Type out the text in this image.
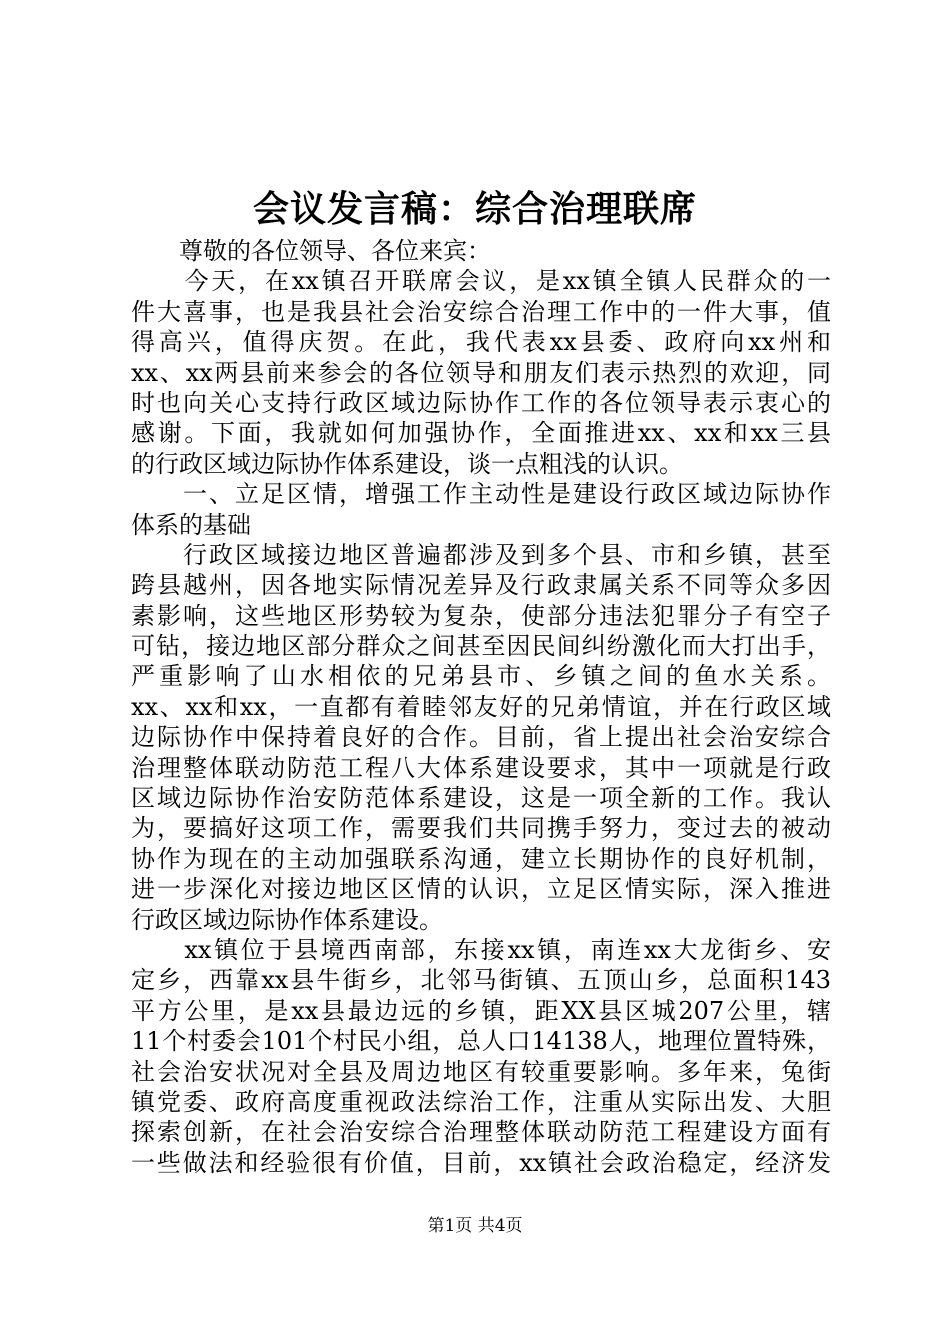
会议发言稿：综合治理联席
　　尊敬的各位领导、各位来宾：
　　今天，在xx镇召开联席会议，是xx镇全镇人民群众的一
件大喜事，也是我县社会治安综合治理工作中的一件大事，值
得高兴，值得庆贺。在此，我代表xx县委、政府向xx州和
xx、xx两县前来参会的各位领导和朋友们表示热烈的欢迎，同
时也向关心支持行政区域边际协作工作的各位领导表示衷心的
感谢。下面，我就如何加强协作，全面推进xx、xx和xx三县
的行政区域边际协作体系建设，谈一点粗浅的认识。
　　一、立足区情，增强工作主动性是建设行政区域边际协作
体系的基础
　　行政区域接边地区普遍都涉及到多个县、市和乡镇，甚至
跨县越州，因各地实际情况差异及行政隶属关系不同等众多因
素影响，这些地区形势较为复杂，使部分违法犯罪分子有空子
可钻，接边地区部分群众之间甚至因民间纠纷激化而大打出手，
严重影响了山水相依的兄弟县市、乡镇之间的鱼水关系。
xx、xx和xx，一直都有着睦邻友好的兄弟情谊，并在行政区域
边际协作中保持着良好的合作。目前，省上提出社会治安综合
治理整体联动防范工程八大体系建设要求，其中一项就是行政
区域边际协作治安防范体系建设，这是一项全新的工作。我认
为，要搞好这项工作，需要我们共同携手努力，变过去的被动
协作为现在的主动加强联系沟通，建立长期协作的良好机制，
进一步深化对接边地区区情的认识，立足区情实际，深入推进
行政区域边际协作体系建设。
　　xx镇位于县境西南部，东接xx镇，南连xx大龙街乡、安
定乡，西靠xx县牛街乡，北邻马街镇、五顶山乡，总面积143
平方公里，是xx县最边远的乡镇，距XX县区城207公里，辖
11个村委会101个村民小组，总人口14138人，地理位置特殊，
社会治安状况对全县及周边地区有较重要影响。多年来，兔街
镇党委、政府高度重视政法综治工作，注重从实际出发、大胆
探索创新，在社会治安综合治理整体联动防范工程建设方面有
一些做法和经验很有价值，目前，xx镇社会政治稳定，经济发
第1页 共4页
